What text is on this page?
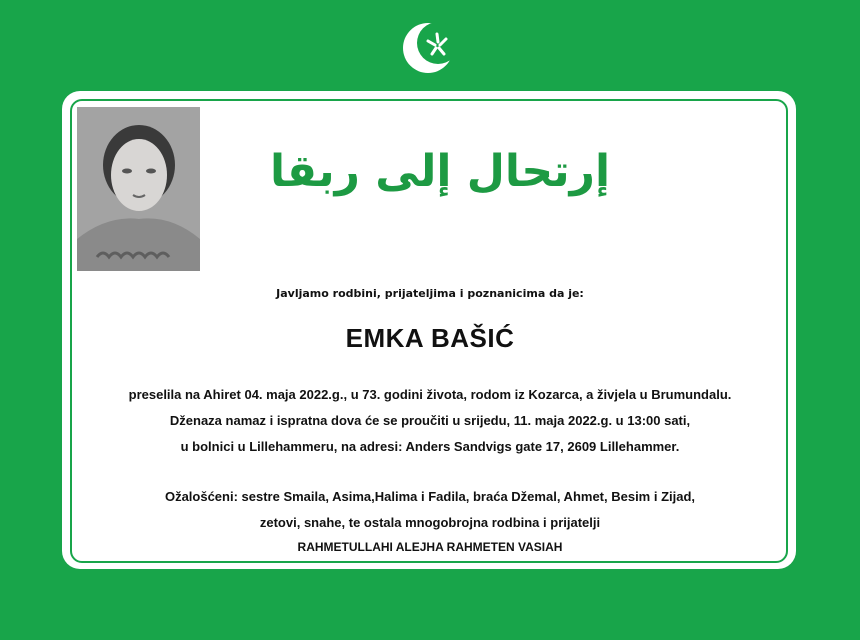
إرتحال إلى ربقا
Javljamo rodbini, prijateljima i poznanicima da je:
EMKA BAŠIĆ
preselila na Ahiret 04. maja 2022.g., u 73. godini života, rodom iz Kozarca, a živjela u Brumundalu.
Dženaza namaz i ispratna dova će se proučiti u srijedu, 11. maja 2022.g. u 13:00 sati,
u bolnici u Lillehammeru, na adresi: Anders Sandvigs gate 17, 2609 Lillehammer.
Ožalošćeni: sestre Smaila, Asima,Halima i Fadila, braća Džemal, Ahmet, Besim i Zijad,
zetovi, snahe, te ostala mnogobrojna rodbina i prijatelji
RAHMETULLAHI ALEJHA RAHMETEN VASIAH
